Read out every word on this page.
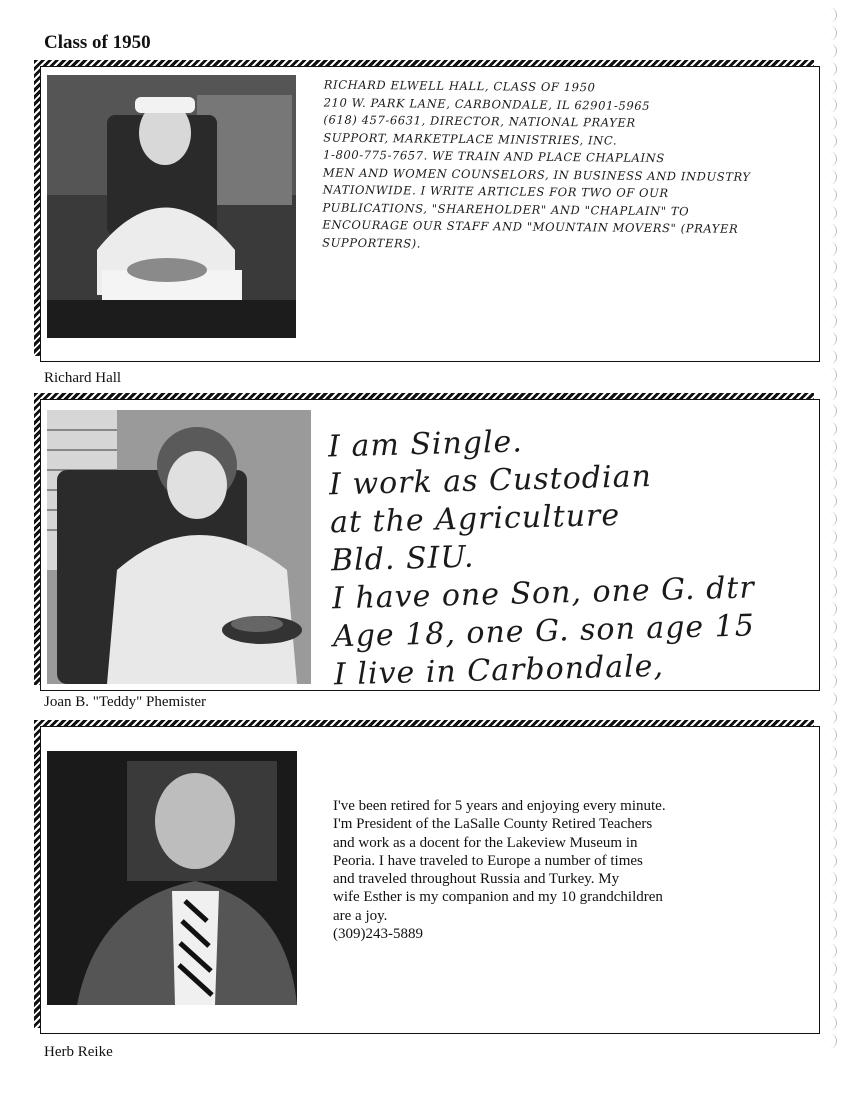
Class of 1950
RICHARD ELWELL HALL, CLASS OF 1950
210 W. PARK LANE, CARBONDALE, IL 62901-5965
(618) 457-6631, DIRECTOR, NATIONAL PRAYER
SUPPORT, MARKETPLACE MINISTRIES, INC.
1-800-775-7657. WE TRAIN AND PLACE CHAPLAINS
MEN AND WOMEN COUNSELORS, IN BUSINESS AND INDUSTRY
NATIONWIDE. I WRITE ARTICLES FOR TWO OF OUR
PUBLICATIONS, "SHAREHOLDER" AND "CHAPLAIN" TO
ENCOURAGE OUR STAFF AND "MOUNTAIN MOVERS" (PRAYER
SUPPORTERS).
Richard Hall
I am Single.
I work as Custodian
at the Agriculture
Bld. SIU.
I have one Son, one G. dtr
Age 18, one G. son age 15
I live in Carbondale,
Joan B. "Teddy" Phemister
I've been retired for 5 years and enjoying every minute.
I'm President of the LaSalle County Retired Teachers
and work as a docent for the Lakeview Museum in
Peoria. I have traveled to Europe a number of times
and traveled throughout Russia and Turkey. My
wife Esther is my companion and my 10 grandchildren
are a joy.
(309)243-5889
Herb Reike
